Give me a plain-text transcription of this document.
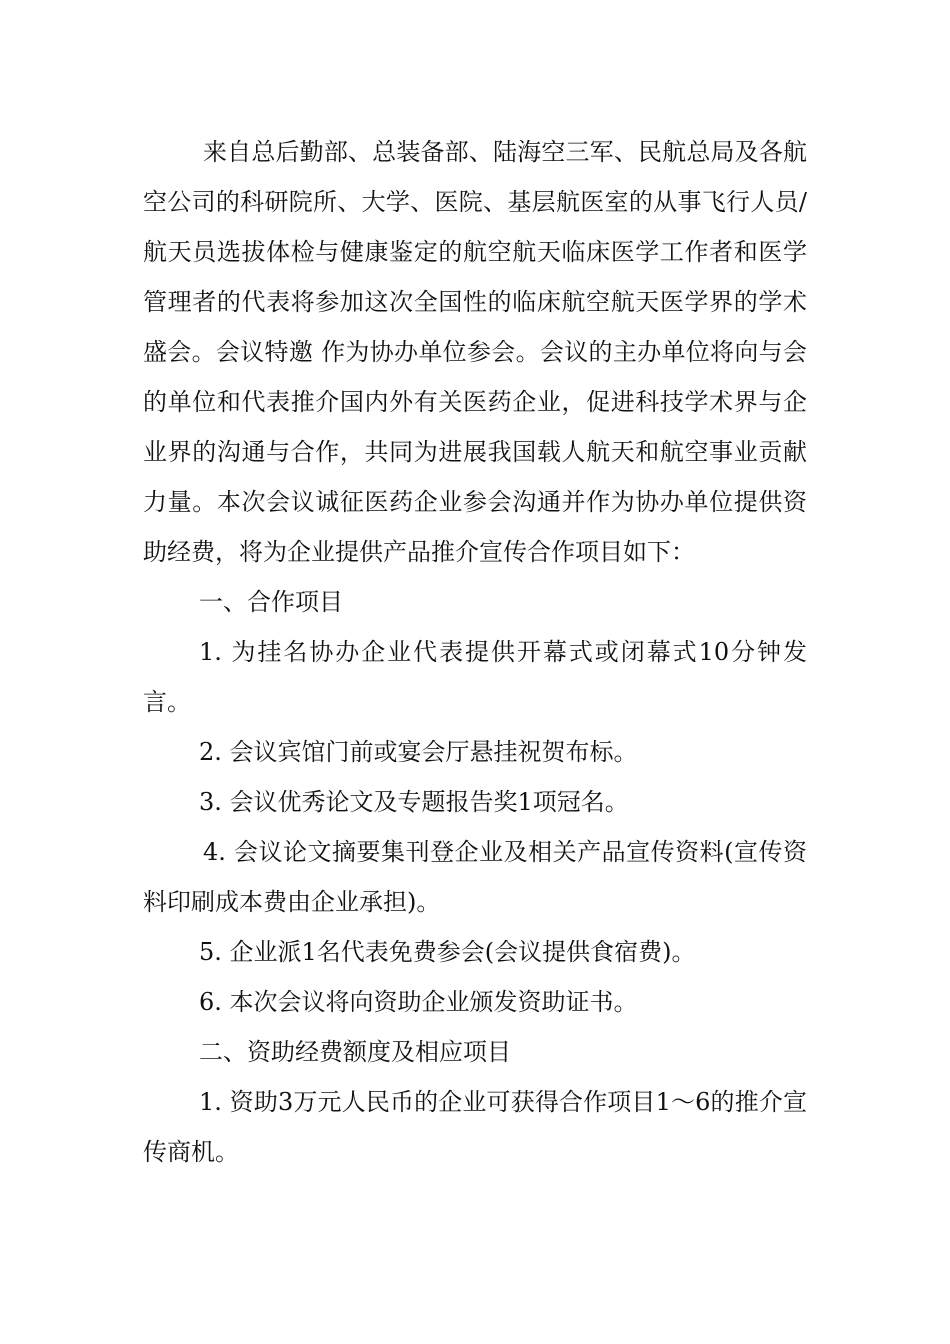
来自总后勤部、总装备部、陆海空三军、民航总局及各航空公司的科研院所、大学、医院、基层航医室的从事飞行人员/航天员选拔体检与健康鉴定的航空航天临床医学工作者和医学管理者的代表将参加这次全国性的临床航空航天医学界的学术盛会。会议特邀 作为协办单位参会。会议的主办单位将向与会的单位和代表推介国内外有关医药企业，促进科技学术界与企业界的沟通与合作，共同为进展我国载人航天和航空事业贡献力量。本次会议诚征医药企业参会沟通并作为协办单位提供资助经费，将为企业提供产品推介宣传合作项目如下：

一、合作项目

1. 为挂名协办企业代表提供开幕式或闭幕式10分钟发言。

2. 会议宾馆门前或宴会厅悬挂祝贺布标。

3. 会议优秀论文及专题报告奖1项冠名。

4. 会议论文摘要集刊登企业及相关产品宣传资料(宣传资料印刷成本费由企业承担)。

5. 企业派1名代表免费参会(会议提供食宿费)。

6. 本次会议将向资助企业颁发资助证书。

二、资助经费额度及相应项目

1. 资助3万元人民币的企业可获得合作项目1～6的推介宣传商机。
